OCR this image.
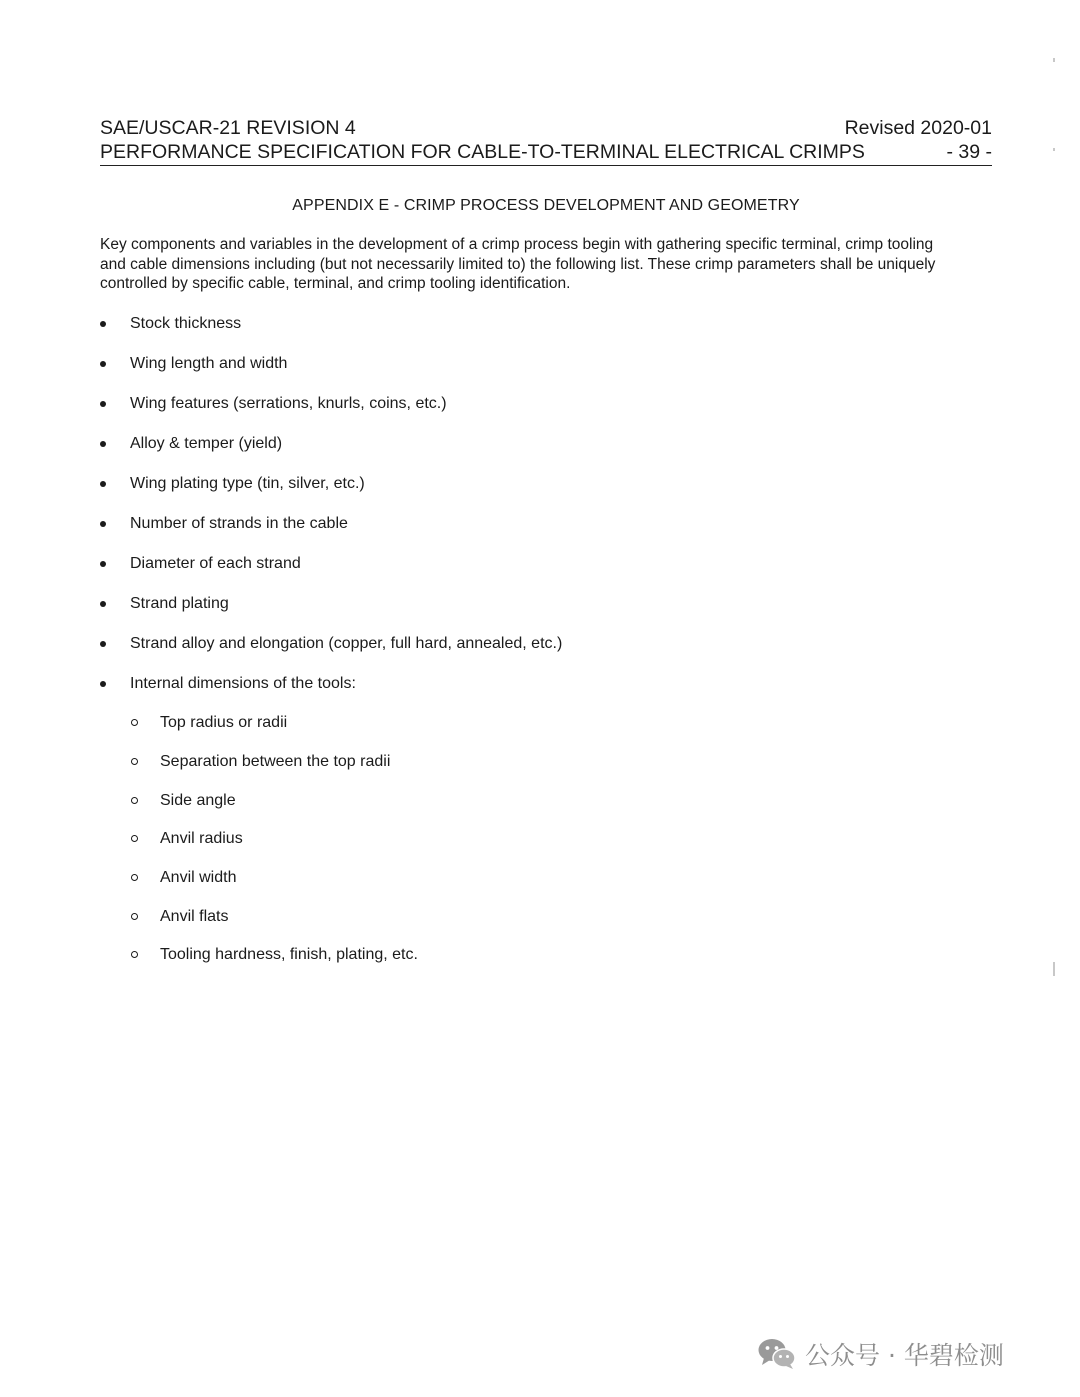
SAE/USCAR-21 REVISION 4	Revised 2020-01
PERFORMANCE SPECIFICATION FOR CABLE-TO-TERMINAL ELECTRICAL CRIMPS	- 39 -
APPENDIX E - CRIMP PROCESS DEVELOPMENT AND GEOMETRY

Key components and variables in the development of a crimp process begin with gathering specific terminal, crimp tooling

and cable dimensions including (but not necessarily limited to) the following list. These crimp parameters shall be uniquely

controlled by specific cable, terminal, and crimp tooling identification.

Stock thickness
Wing length and width
Wing features (serrations, knurls, coins, etc.)
Alloy & temper (yield)
Wing plating type (tin, silver, etc.)
Number of strands in the cable
Diameter of each strand
Strand plating
Strand alloy and elongation (copper, full hard, annealed, etc.)
Internal dimensions of the tools:
Top radius or radii
Separation between the top radii
Side angle
Anvil radius
Anvil width
Anvil flats
Tooling hardness, finish, plating, etc.
公众号 · 华碧检测
